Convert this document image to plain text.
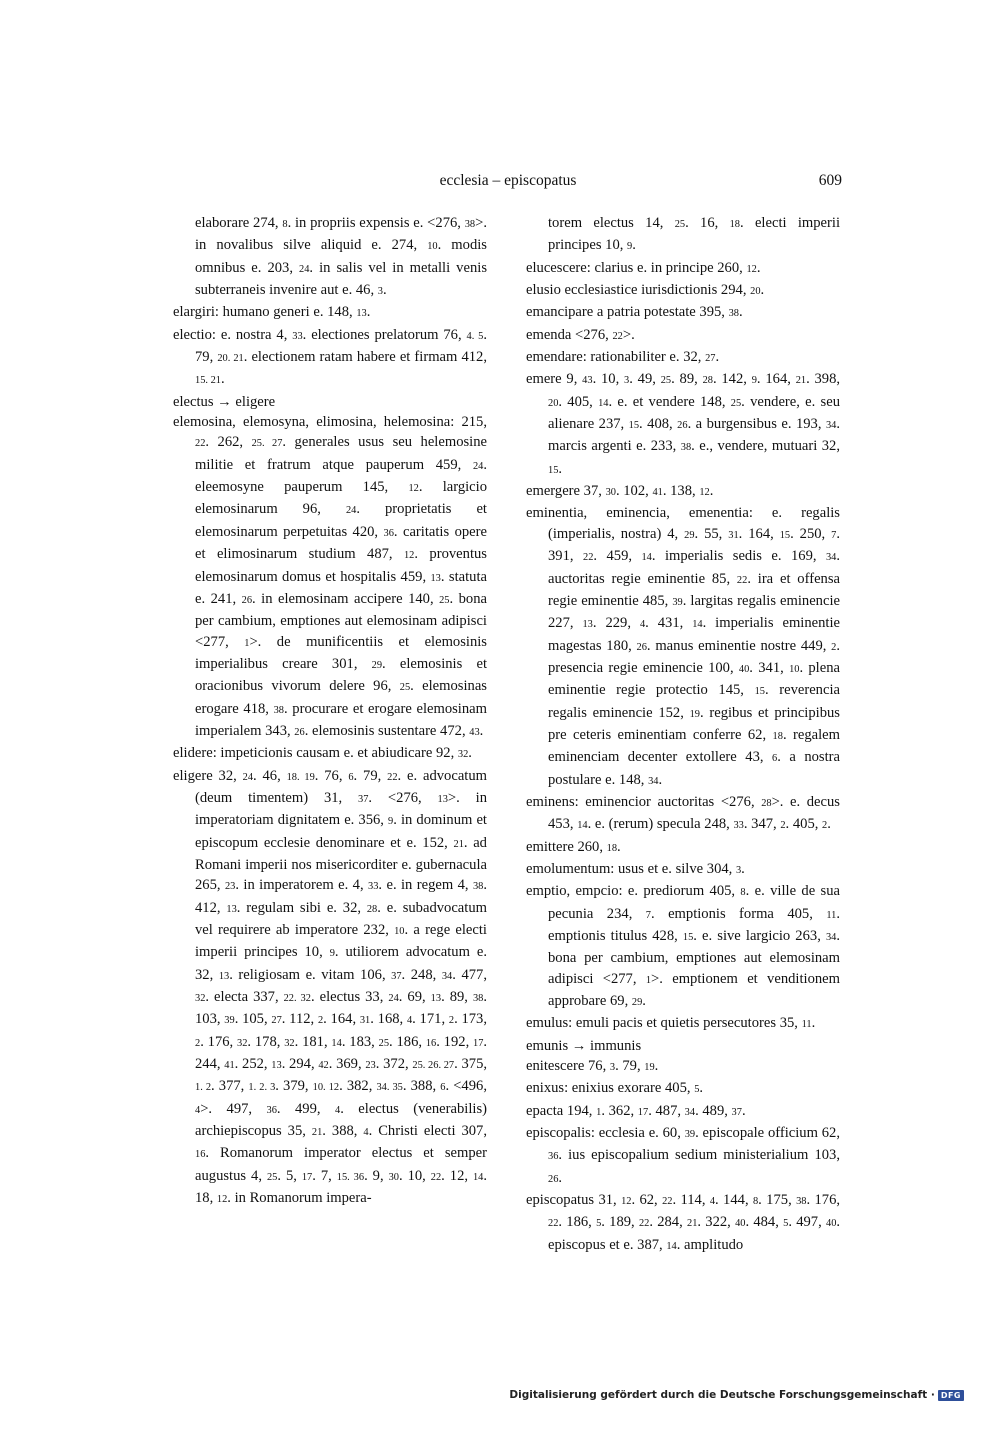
ecclesia – episcopatus	609

elaborare 274, 8. in propriis expensis e. <276, 38>. in novalibus silve aliquid e. 274, 10. modis omnibus e. 203, 24. in salis vel in metalli venis subterraneis invenire aut e. 46, 3.

elargiri: humano generi e. 148, 13.

electio: e. nostra 4, 33. electiones prelatorum 76, 4. 5. 79, 20. 21. electionem ratam habere et firmam 412, 15. 21.

electus → eligere

elemosina, elemosyna, elimosina, helemosina: 215, 22. 262, 25. 27. generales usus seu helemosine militie et fratrum atque pauperum 459, 24. eleemosyne pauperum 145, 12. largicio elemosinarum 96, 24. proprietatis et elemosinarum perpetuitas 420, 36. caritatis opere et elimosinarum studium 487, 12. proventus elemosinarum domus et hospitalis 459, 13. statuta e. 241, 26. in elemosinam accipere 140, 25. bona per cambium, emptiones aut elemosinam adipisci <277, 1>. de munificentiis et elemosinis imperialibus creare 301, 29. elemosinis et oracionibus vivorum delere 96, 25. elemosinas erogare 418, 38. procurare et erogare elemosinam imperialem 343, 26. elemosinis sustentare 472, 43.

elidere: impeticionis causam e. et abiudicare 92, 32.

eligere 32, 24. 46, 18. 19. 76, 6. 79, 22. e. advocatum (deum timentem) 31, 37. <276, 13>. in imperatoriam dignitatem e. 356, 9. in dominum et episcopum ecclesie denominare et e. 152, 21. ad Romani imperii nos misericorditer e. gubernacula 265, 23. in imperatorem e. 4, 33. e. in regem 4, 38. 412, 13. regulam sibi e. 32, 28. e. subadvocatum vel requirere ab imperatore 232, 10. a rege electi imperii principes 10, 9. utiliorem advocatum e. 32, 13. religiosam e. vitam 106, 37. 248, 34. 477, 32. electa 337, 22. 32. electus 33, 24. 69, 13. 89, 38. 103, 39. 105, 27. 112, 2. 164, 31. 168, 4. 171, 2. 173, 2. 176, 32. 178, 32. 181, 14. 183, 25. 186, 16. 192, 17. 244, 41. 252, 13. 294, 42. 369, 23. 372, 25. 26. 27. 375, 1. 2. 377, 1. 2. 3. 379, 10. 12. 382, 34. 35. 388, 6. <496, 4>. 497, 36. 499, 4. electus (venerabilis) archiepiscopus 35, 21. 388, 4. Christi electi 307, 16. Romanorum imperator electus et semper augustus 4, 25. 5, 17. 7, 15. 36. 9, 30. 10, 22. 12, 14. 18, 12. in Romanorum impera-

torem electus 14, 25. 16, 18. electi imperii principes 10, 9.

elucescere: clarius e. in principe 260, 12.

elusio ecclesiastice iurisdictionis 294, 20.

emancipare a patria potestate 395, 38.

emenda <276, 22>.

emendare: rationabiliter e. 32, 27.

emere 9, 43. 10, 3. 49, 25. 89, 28. 142, 9. 164, 21. 398, 20. 405, 14. e. et vendere 148, 25. vendere, e. seu alienare 237, 15. 408, 26. a burgensibus e. 193, 34. marcis argenti e. 233, 38. e., vendere, mutuari 32, 15.

emergere 37, 30. 102, 41. 138, 12.

eminentia, eminencia, emenentia: e. regalis (imperialis, nostra) 4, 29. 55, 31. 164, 15. 250, 7. 391, 22. 459, 14. imperialis sedis e. 169, 34. auctoritas regie eminentie 85, 22. ira et offensa regie eminentie 485, 39. largitas regalis eminencie 227, 13. 229, 4. 431, 14. imperialis eminentie magestas 180, 26. manus eminentie nostre 449, 2. presencia regie eminencie 100, 40. 341, 10. plena eminentie regie protectio 145, 15. reverencia regalis eminencie 152, 19. regibus et principibus pre ceteris eminentiam conferre 62, 18. regalem eminenciam decenter extollere 43, 6. a nostra postulare e. 148, 34.

eminens: eminencior auctoritas <276, 28>. e. decus 453, 14. e. (rerum) specula 248, 33. 347, 2. 405, 2.

emittere 260, 18.

emolumentum: usus et e. silve 304, 3.

emptio, empcio: e. prediorum 405, 8. e. ville de sua pecunia 234, 7. emptionis forma 405, 11. emptionis titulus 428, 15. e. sive largicio 263, 34. bona per cambium, emptiones aut elemosinam adipisci <277, 1>. emptionem et venditionem approbare 69, 29.

emulus: emuli pacis et quietis persecutores 35, 11.

emunis → immunis

enitescere 76, 3. 79, 19.

enixus: enixius exorare 405, 5.

epacta 194, 1. 362, 17. 487, 34. 489, 37.

episcopalis: ecclesia e. 60, 39. episcopale officium 62, 36. ius episcopalium sedium ministerialium 103, 26.

episcopatus 31, 12. 62, 22. 114, 4. 144, 8. 175, 38. 176, 22. 186, 5. 189, 22. 284, 21. 322, 40. 484, 5. 497, 40. episcopus et e. 387, 14. amplitudo

Digitalisierung gefördert durch die Deutsche Forschungsgemeinschaft · DFG
